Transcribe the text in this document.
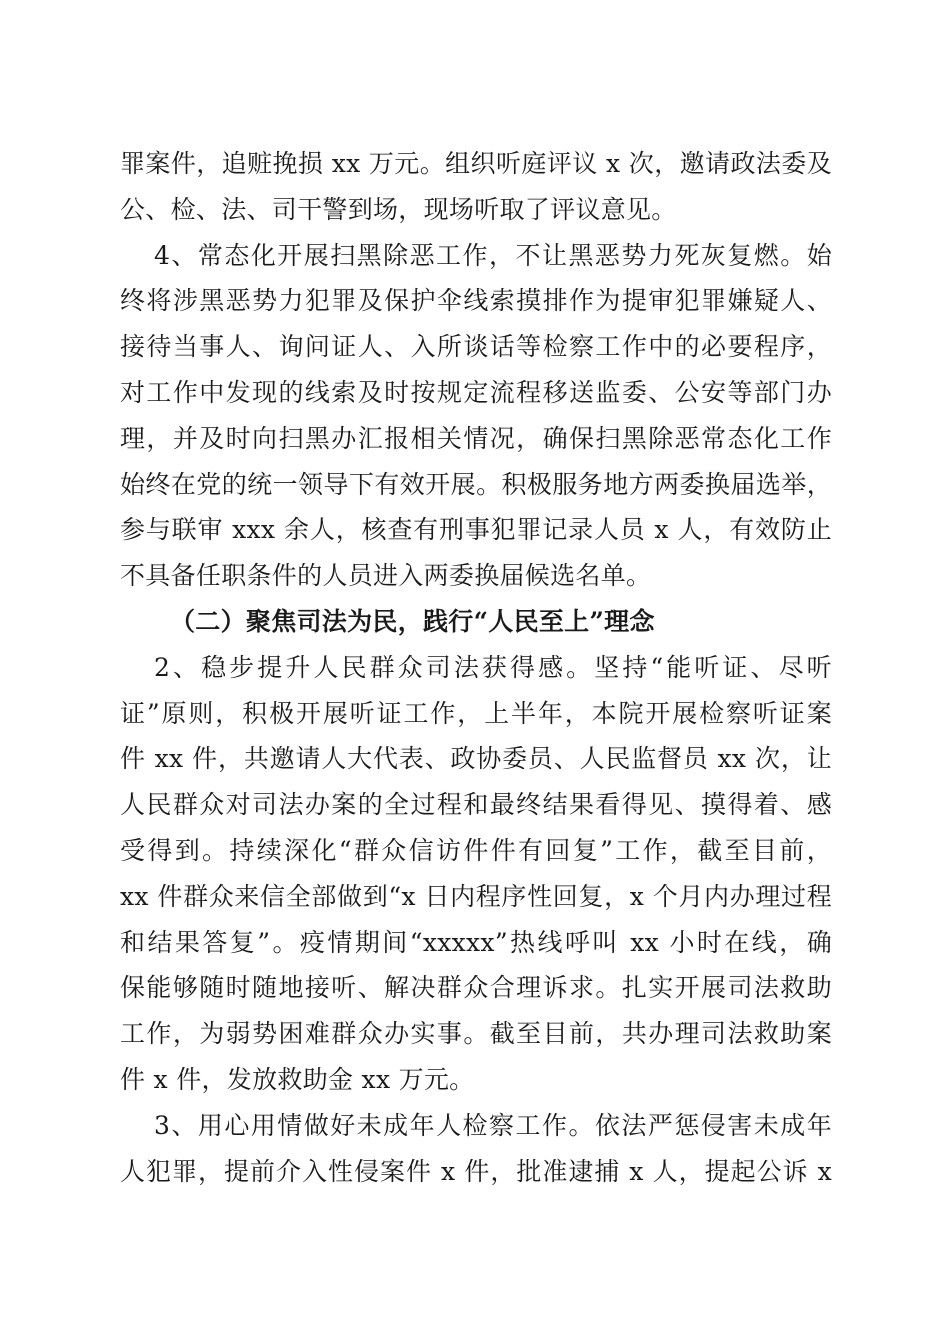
罪案件，追赃挽损 xx 万元。组织听庭评议 x 次，邀请政法委及
公、检、法、司干警到场，现场听取了评议意见。
4、常态化开展扫黑除恶工作，不让黑恶势力死灰复燃。始
终将涉黑恶势力犯罪及保护伞线索摸排作为提审犯罪嫌疑人、
接待当事人、询问证人、入所谈话等检察工作中的必要程序，
对工作中发现的线索及时按规定流程移送监委、公安等部门办
理，并及时向扫黑办汇报相关情况，确保扫黑除恶常态化工作
始终在党的统一领导下有效开展。积极服务地方两委换届选举，
参与联审 xxx 余人，核查有刑事犯罪记录人员 x 人，有效防止
不具备任职条件的人员进入两委换届候选名单。
（二）聚焦司法为民，践行“人民至上”理念
2、稳步提升人民群众司法获得感。坚持“能听证、尽听
证”原则，积极开展听证工作，上半年，本院开展检察听证案
件 xx 件，共邀请人大代表、政协委员、人民监督员 xx 次，让
人民群众对司法办案的全过程和最终结果看得见、摸得着、感
受得到。持续深化“群众信访件件有回复”工作，截至目前，
xx 件群众来信全部做到“x 日内程序性回复，x 个月内办理过程
和结果答复”。疫情期间“xxxxx”热线呼叫 xx 小时在线，确
保能够随时随地接听、解决群众合理诉求。扎实开展司法救助
工作，为弱势困难群众办实事。截至目前，共办理司法救助案
件 x 件，发放救助金 xx 万元。
3、用心用情做好未成年人检察工作。依法严惩侵害未成年
人犯罪，提前介入性侵案件 x 件，批准逮捕 x 人，提起公诉 x
